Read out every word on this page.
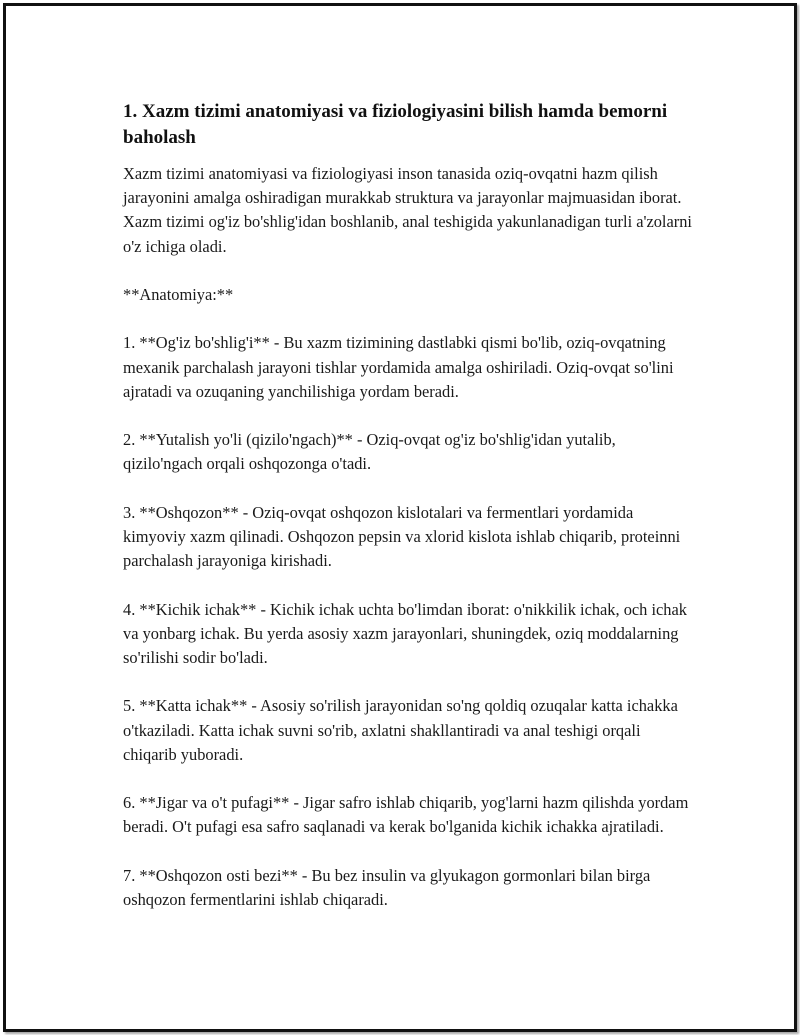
1. Xazm tizimi anatomiyasi va fiziologiyasini bilish hamda bemorni baholash

Xazm tizimi anatomiyasi va fiziologiyasi inson tanasida oziq-ovqatni hazm qilish jarayonini amalga oshiradigan murakkab struktura va jarayonlar majmuasidan iborat. Xazm tizimi og'iz bo'shlig'idan boshlanib, anal teshigida yakunlanadigan turli a'zolarni o'z ichiga oladi.

**Anatomiya:**

1. **Og'iz bo'shlig'i** - Bu xazm tizimining dastlabki qismi bo'lib, oziq-ovqatning mexanik parchalash jarayoni tishlar yordamida amalga oshiriladi. Oziq-ovqat so'lini ajratadi va ozuqaning yanchilishiga yordam beradi.

2. **Yutalish yo'li (qizilo'ngach)** - Oziq-ovqat og'iz bo'shlig'idan yutalib, qizilo'ngach orqali oshqozonga o'tadi.

3. **Oshqozon** - Oziq-ovqat oshqozon kislotalari va fermentlari yordamida kimyoviy xazm qilinadi. Oshqozon pepsin va xlorid kislota ishlab chiqarib, proteinni parchalash jarayoniga kirishadi.

4. **Kichik ichak** - Kichik ichak uchta bo'limdan iborat: o'nikkilik ichak, och ichak va yonbarg ichak. Bu yerda asosiy xazm jarayonlari, shuningdek, oziq moddalarning so'rilishi sodir bo'ladi.

5. **Katta ichak** - Asosiy so'rilish jarayonidan so'ng qoldiq ozuqalar katta ichakka o'tkaziladi. Katta ichak suvni so'rib, axlatni shakllantiradi va anal teshigi orqali chiqarib yuboradi.

6. **Jigar va o't pufagi** - Jigar safro ishlab chiqarib, yog'larni hazm qilishda yordam beradi. O't pufagi esa safro saqlanadi va kerak bo'lganida kichik ichakka ajratiladi.

7. **Oshqozon osti bezi** - Bu bez insulin va glyukagon gormonlari bilan birga oshqozon fermentlarini ishlab chiqaradi.
